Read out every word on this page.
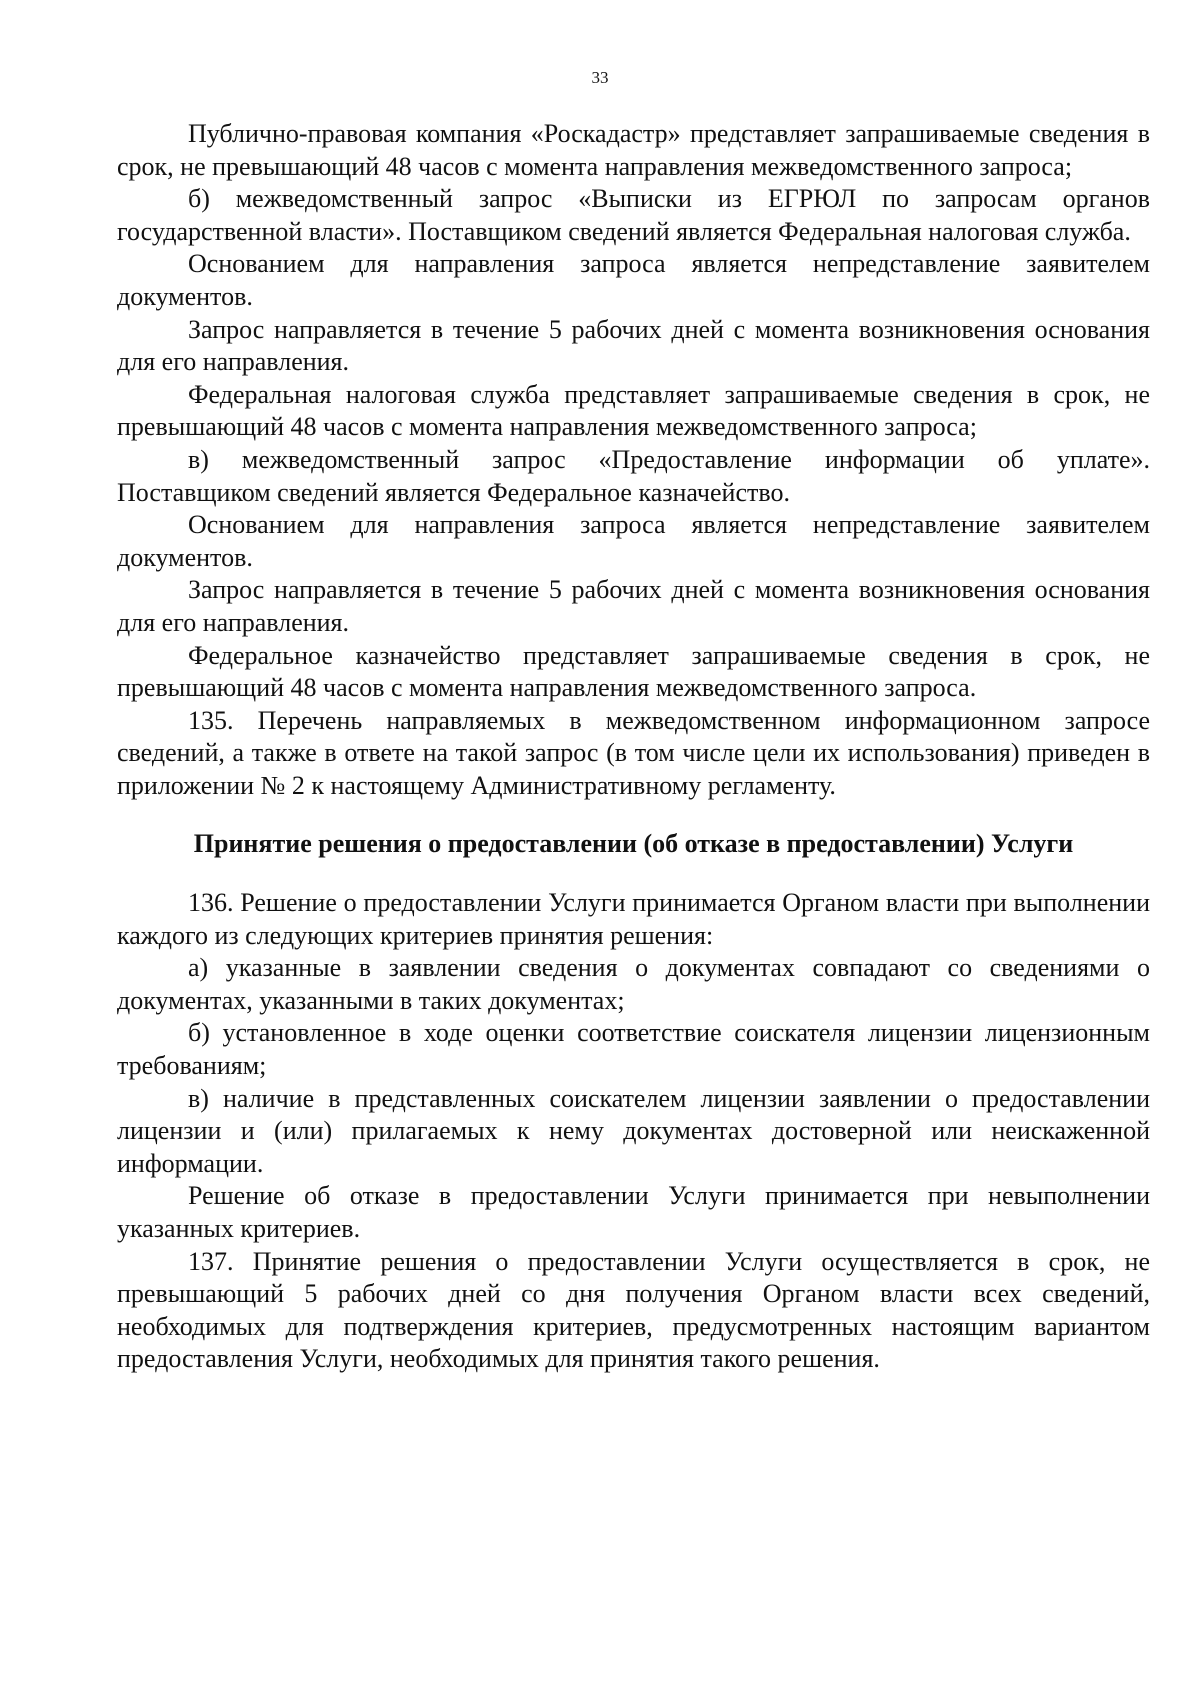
33

Публично-правовая компания «Роскадастр» представляет запрашиваемые сведения в срок, не превышающий 48 часов с момента направления межведомственного запроса;

б) межведомственный запрос «Выписки из ЕГРЮЛ по запросам органов государственной власти». Поставщиком сведений является Федеральная налоговая служба.

Основанием для направления запроса является непредставление заявителем документов.

Запрос направляется в течение 5 рабочих дней с момента возникновения основания для его направления.

Федеральная налоговая служба представляет запрашиваемые сведения в срок, не превышающий 48 часов с момента направления межведомственного запроса;

в) межведомственный запрос «Предоставление информации об уплате». Поставщиком сведений является Федеральное казначейство.

Основанием для направления запроса является непредставление заявителем документов.

Запрос направляется в течение 5 рабочих дней с момента возникновения основания для его направления.

Федеральное казначейство представляет запрашиваемые сведения в срок, не превышающий 48 часов с момента направления межведомственного запроса.

135. Перечень направляемых в межведомственном информационном запросе сведений, а также в ответе на такой запрос (в том числе цели их использования) приведен в приложении № 2 к настоящему Административному регламенту.

Принятие решения о предоставлении (об отказе в предоставлении) Услуги

136. Решение о предоставлении Услуги принимается Органом власти при выполнении каждого из следующих критериев принятия решения:

а) указанные в заявлении сведения о документах совпадают со сведениями о документах, указанными в таких документах;

б) установленное в ходе оценки соответствие соискателя лицензии лицензионным требованиям;

в) наличие в представленных соискателем лицензии заявлении о предоставлении лицензии и (или) прилагаемых к нему документах достоверной или неискаженной информации.

Решение об отказе в предоставлении Услуги принимается при невыполнении указанных критериев.

137. Принятие решения о предоставлении Услуги осуществляется в срок, не превышающий 5 рабочих дней со дня получения Органом власти всех сведений, необходимых для подтверждения критериев, предусмотренных настоящим вариантом предоставления Услуги, необходимых для принятия такого решения.
